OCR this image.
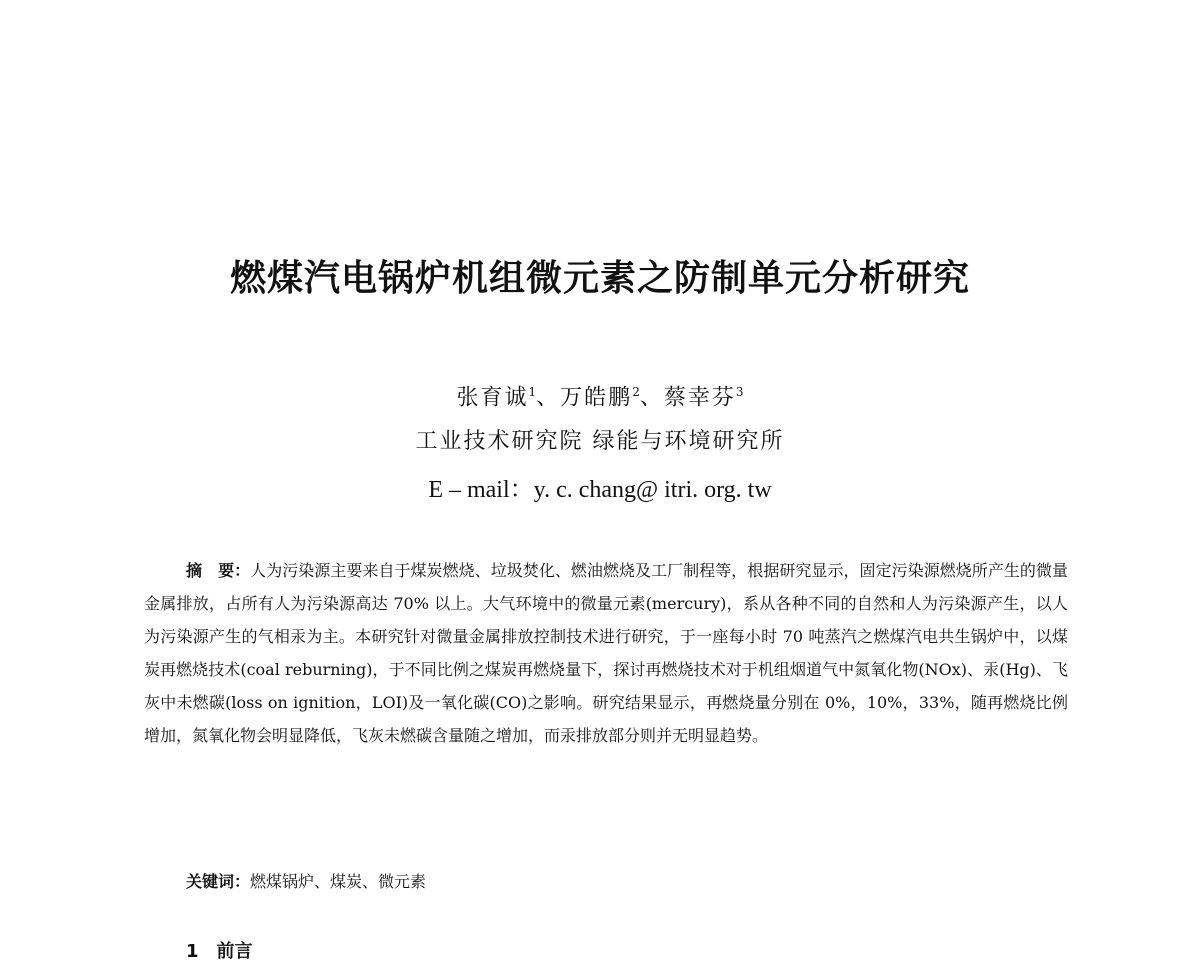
燃煤汽电锅炉机组微元素之防制单元分析研究
张育诚$^1$、万皓鹏$^2$、蔡幸芬$^3$
工业技术研究院 绿能与环境研究所
E – mail：y. c. chang@ itri. org. tw
摘　要：人为污染源主要来自于煤炭燃烧、垃圾焚化、燃油燃烧及工厂制程等，根据研究显示，固定污染源燃烧所产生的微量金属排放，占所有人为污染源高达 70% 以上。大气环境中的微量元素(mercury)，系从各种不同的自然和人为污染源产生，以人为污染源产生的气相汞为主。本研究针对微量金属排放控制技术进行研究，于一座每小时 70 吨蒸汽之燃煤汽电共生锅炉中，以煤炭再燃烧技术(coal reburning)，于不同比例之煤炭再燃烧量下，探讨再燃烧技术对于机组烟道气中氮氧化物(NOx)、汞(Hg)、飞灰中未燃碳(loss on ignition，LOI)及一氧化碳(CO)之影响。研究结果显示，再燃烧量分别在 0%，10%，33%，随再燃烧比例增加，氮氧化物会明显降低，飞灰未燃碳含量随之增加，而汞排放部分则并无明显趋势。
关键词：燃煤锅炉、煤炭、微元素
1　前言
